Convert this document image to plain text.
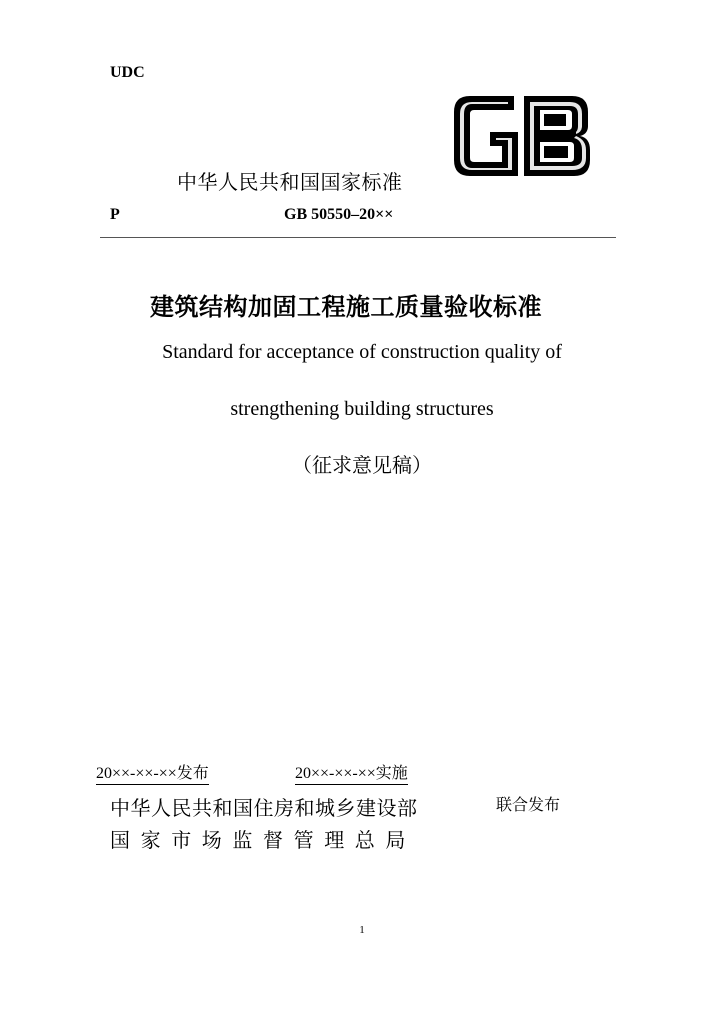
UDC
中华人民共和国国家标准
P	GB 50550–20××
建筑结构加固工程施工质量验收标准
Standard for acceptance of construction quality of
strengthening building structures
（征求意见稿）
20××-××-××发布	20××-××-××实施
中华人民共和国住房和城乡建设部
国家市场监督管理总局
联合发布
1
